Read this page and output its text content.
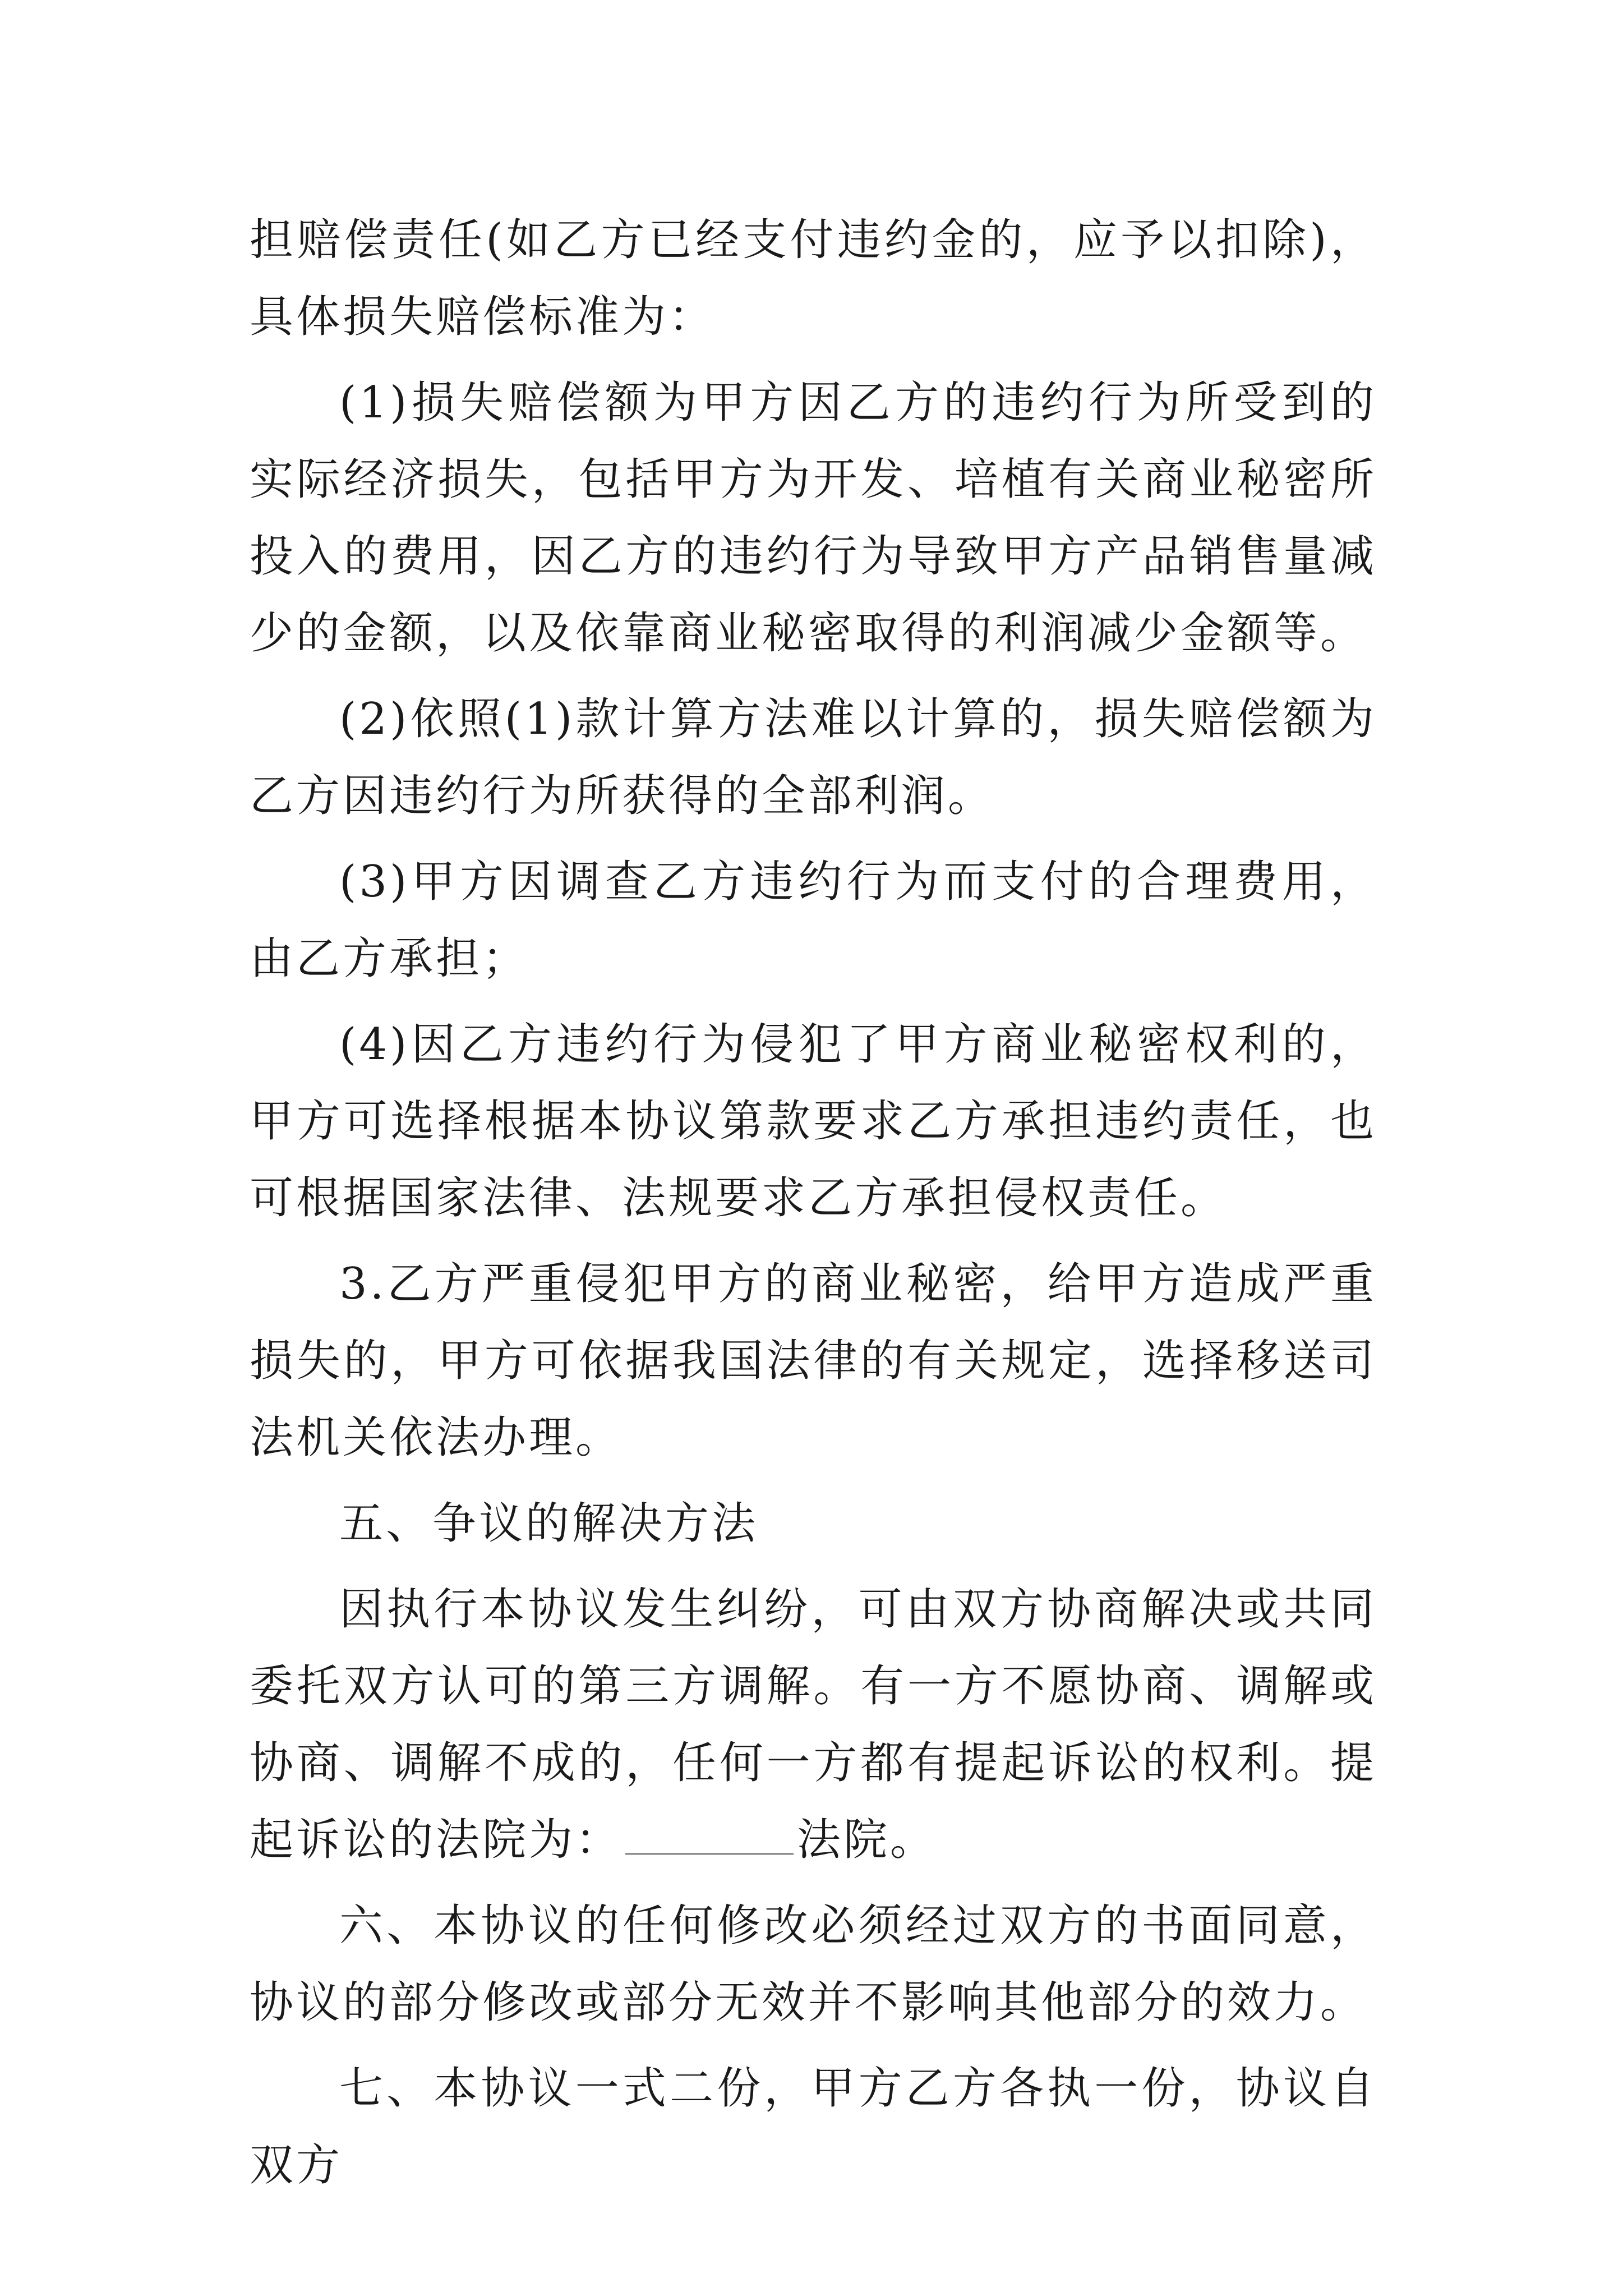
担赔偿责任(如乙方已经支付违约金的，应予以扣除)，具体损失赔偿标准为：

(1)损失赔偿额为甲方因乙方的违约行为所受到的实际经济损失，包括甲方为开发、培植有关商业秘密所投入的费用，因乙方的违约行为导致甲方产品销售量减少的金额，以及依靠商业秘密取得的利润减少金额等。

(2)依照(1)款计算方法难以计算的，损失赔偿额为乙方因违约行为所获得的全部利润。

(3)甲方因调查乙方违约行为而支付的合理费用，由乙方承担；

(4)因乙方违约行为侵犯了甲方商业秘密权利的，甲方可选择根据本协议第款要求乙方承担违约责任，也可根据国家法律、法规要求乙方承担侵权责任。

3.乙方严重侵犯甲方的商业秘密，给甲方造成严重损失的，甲方可依据我国法律的有关规定，选择移送司法机关依法办理。

五、争议的解决方法

因执行本协议发生纠纷，可由双方协商解决或共同委托双方认可的第三方调解。有一方不愿协商、调解或协商、调解不成的，任何一方都有提起诉讼的权利。提起诉讼的法院为：	法院。

六、本协议的任何修改必须经过双方的书面同意，协议的部分修改或部分无效并不影响其他部分的效力。

七、本协议一式二份，甲方乙方各执一份，协议自双方
